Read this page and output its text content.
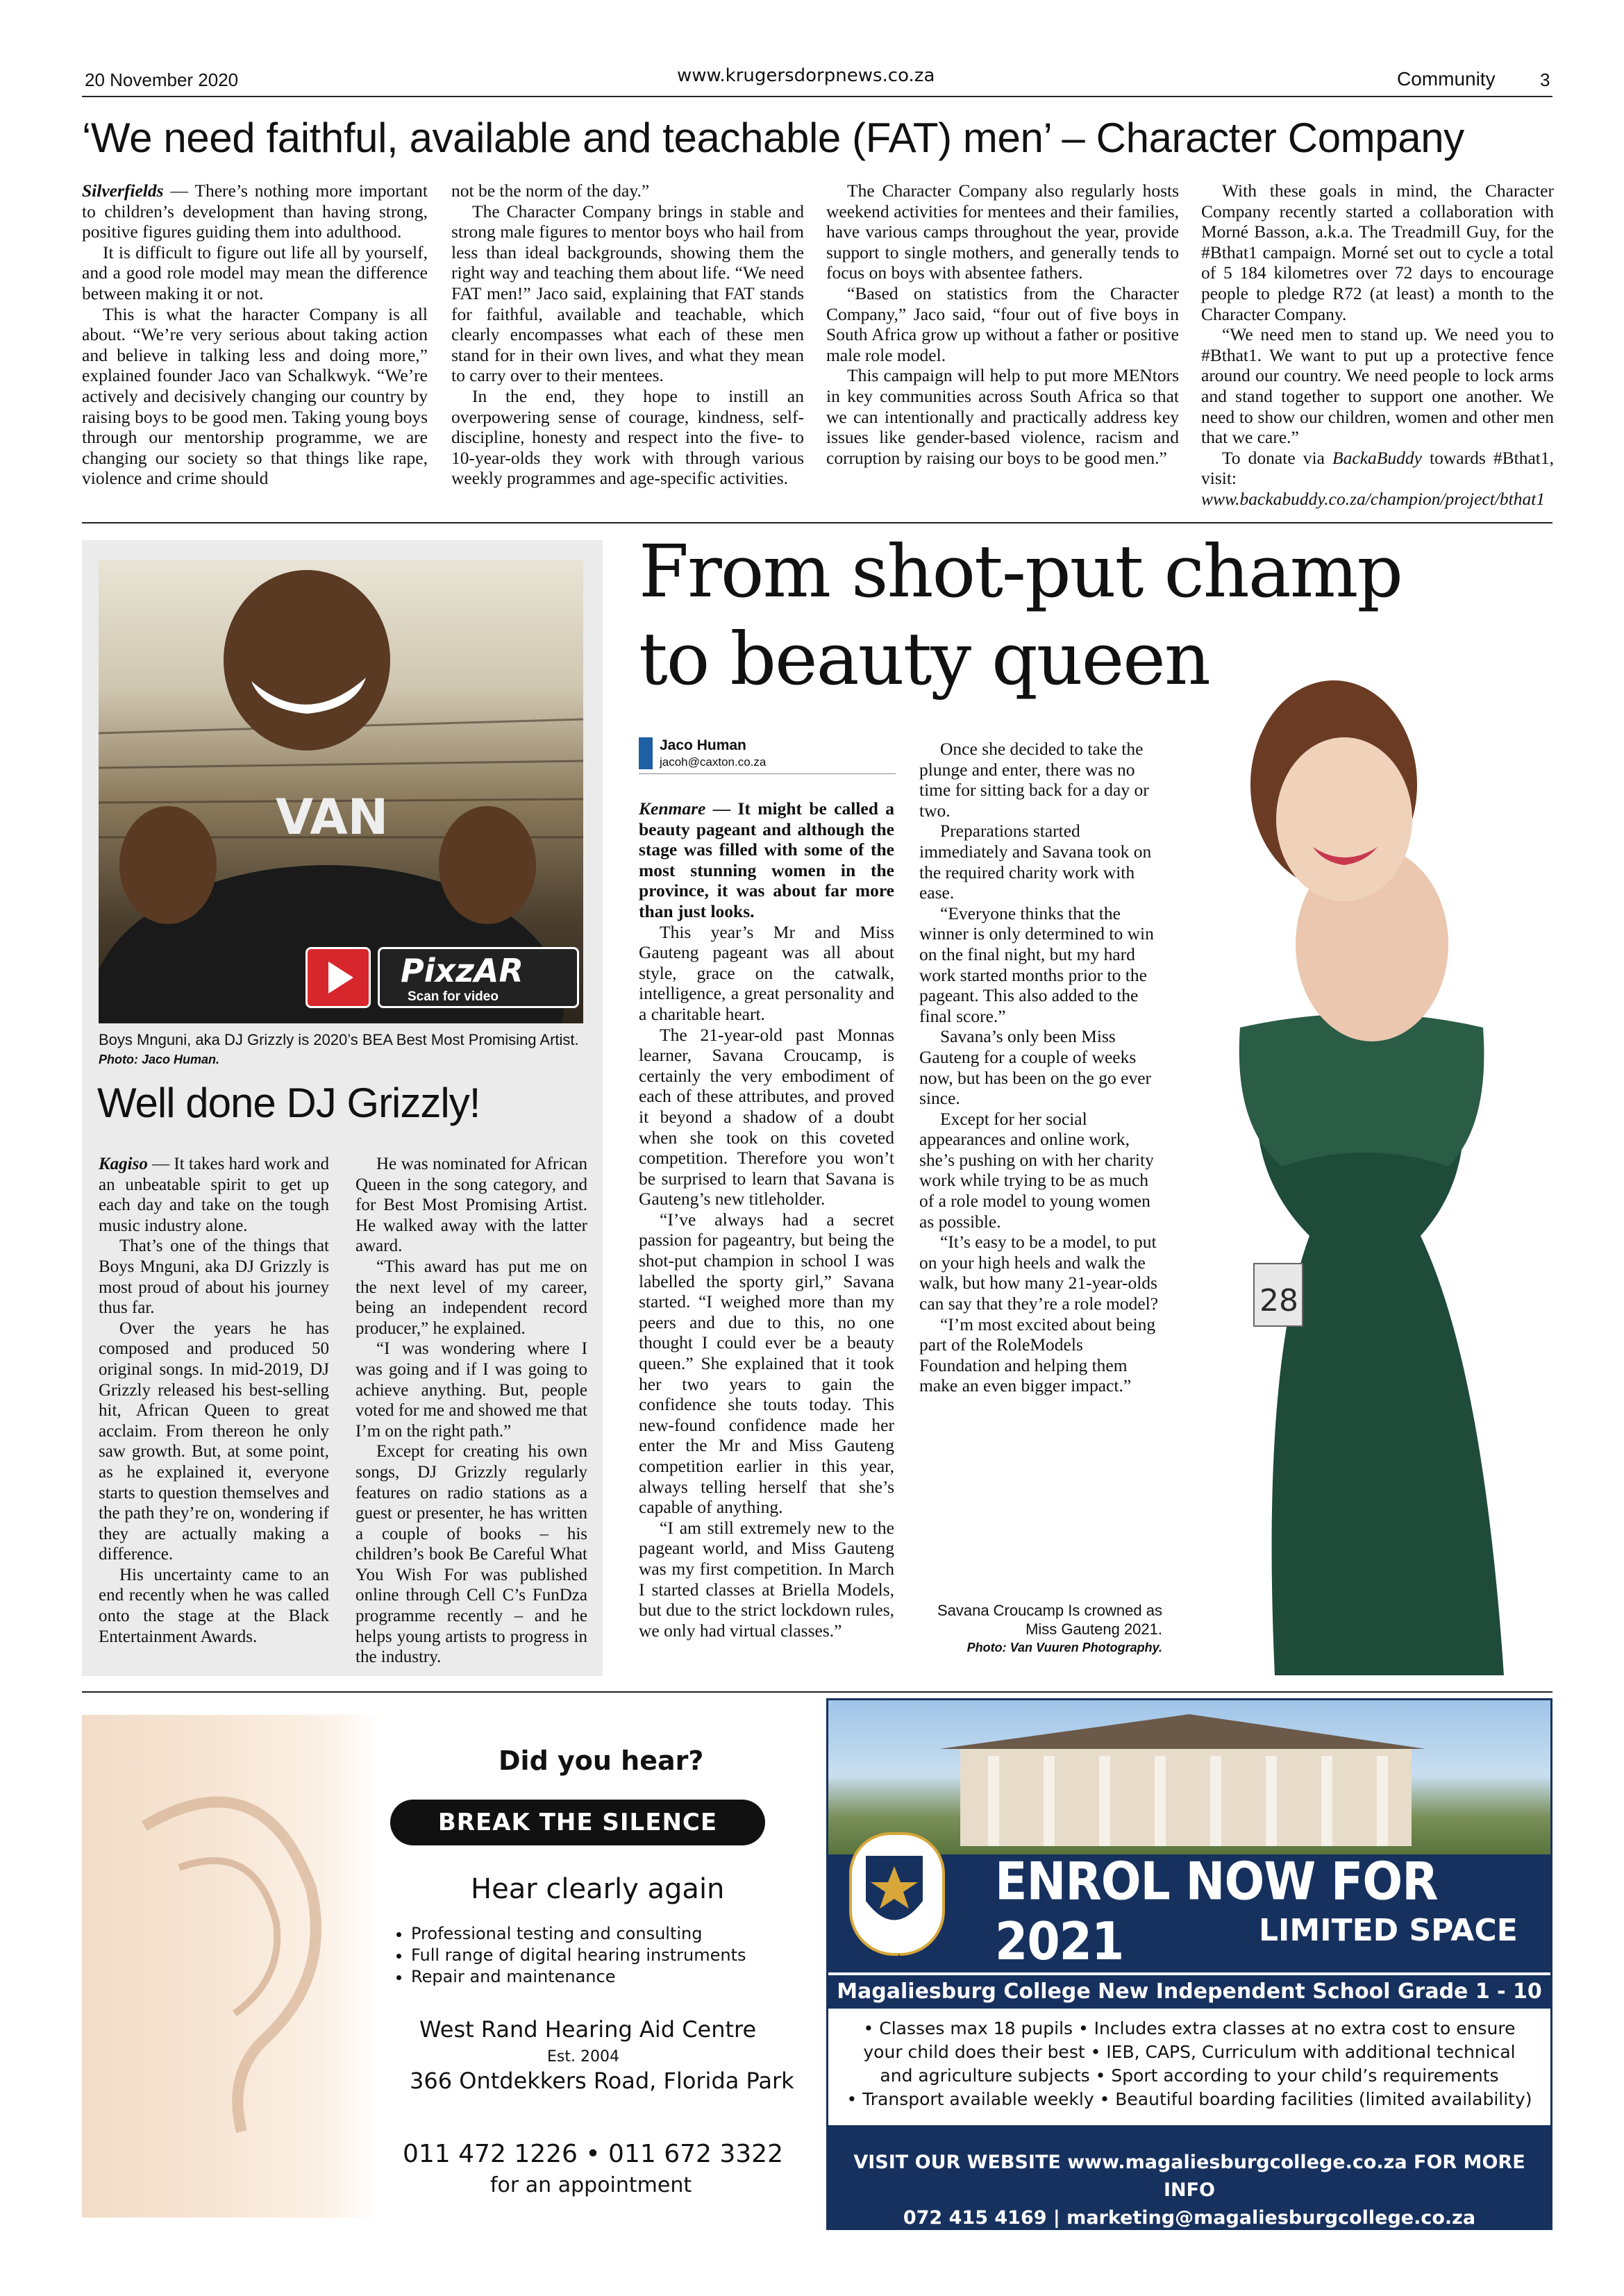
20 November 2020	www.krugersdorpnews.co.za	Community 3
‘We need faithful, available and teachable (FAT) men’ – Character Company

Silverfields — There’s nothing more important to children’s development than having strong, positive figures guiding them into adulthood.

It is difficult to figure out life all by yourself, and a good role model may mean the difference between making it or not.

This is what the haracter Company is all about. “We’re very serious about taking action and believe in talking less and doing more,” explained founder Jaco van Schalkwyk. “We’re actively and decisively changing our country by raising boys to be good men. Taking young boys through our mentorship programme, we are changing our society so that things like rape, violence and crime should

not be the norm of the day.”

The Character Company brings in stable and strong male figures to mentor boys who hail from less than ideal backgrounds, showing them the right way and teaching them about life. “We need FAT men!” Jaco said, explaining that FAT stands for faithful, available and teachable, which clearly encompasses what each of these men stand for in their own lives, and what they mean to carry over to their mentees.

In the end, they hope to instill an overpowering sense of courage, kindness, self-discipline, honesty and respect into the five- to 10-year-olds they work with through various weekly programmes and age-specific activities.

The Character Company also regularly hosts weekend activities for mentees and their families, have various camps throughout the year, provide support to single mothers, and generally tends to focus on boys with absentee fathers.

“Based on statistics from the Character Company,” Jaco said, “four out of five boys in South Africa grow up without a father or positive male role model.

This campaign will help to put more MENtors in key communities across South Africa so that we can intentionally and practically address key issues like gender-based violence, racism and corruption by raising our boys to be good men.”

With these goals in mind, the Character Company recently started a collaboration with Morné Basson, a.k.a. The Treadmill Guy, for the #Bthat1 campaign. Morné set out to cycle a total of 5 184 kilometres over 72 days to encourage people to pledge R72 (at least) a month to the Character Company.

“We need men to stand up. We need you to #Bthat1. We want to put up a protective fence around our country. We need people to lock arms and stand together to support one another. We need to show our children, women and other men that we care.”

To donate via BackaBuddy towards #Bthat1, visit: www.backabuddy.co.za/champion/project/bthat1

VAN
PixzAR
Scan for video
Boys Mnguni, aka DJ Grizzly is 2020’s BEA Best Most Promising Artist. Photo: Jaco Human.
Well done DJ Grizzly!

Kagiso — It takes hard work and an unbeatable spirit to get up each day and take on the tough music industry alone.

That’s one of the things that Boys Mnguni, aka DJ Grizzly is most proud of about his journey thus far.

Over the years he has composed and produced 50 original songs. In mid-2019, DJ Grizzly released his best-selling hit, African Queen to great acclaim. From thereon he only saw growth. But, at some point, as he explained it, everyone starts to question themselves and the path they’re on, wondering if they are actually making a difference.

His uncertainty came to an end recently when he was called onto the stage at the Black Entertainment Awards.

He was nominated for African Queen in the song category, and for Best Most Promising Artist. He walked away with the latter award.

“This award has put me on the next level of my career, being an independent record producer,” he explained.

“I was wondering where I was going and if I was going to achieve anything. But, people voted for me and showed me that I’m on the right path.”

Except for creating his own songs, DJ Grizzly regularly features on radio stations as a guest or presenter, he has written a couple of books – his children’s book Be Careful What You Wish For was published online through Cell C’s FunDza programme recently – and he helps young artists to progress in the industry.

From shot-put champ
to beauty queen
28
Jaco Human
jacoh@caxton.co.za

Kenmare — It might be called a beauty pageant and although the stage was filled with some of the most stunning women in the province, it was about far more than just looks.

This year’s Mr and Miss Gauteng pageant was all about style, grace on the catwalk, intelligence, a great personality and a charitable heart.

The 21-year-old past Monnas learner, Savana Croucamp, is certainly the very embodiment of each of these attributes, and proved it beyond a shadow of a doubt when she took on this coveted competition. Therefore you won’t be surprised to learn that Savana is Gauteng’s new titleholder.

“I’ve always had a secret passion for pageantry, but being the shot-put champion in school I was labelled the sporty girl,” Savana started. “I weighed more than my peers and due to this, no one thought I could ever be a beauty queen.” She explained that it took her two years to gain the confidence she touts today. This new-found confidence made her enter the Mr and Miss Gauteng competition earlier in this year, always telling herself that she’s capable of anything.

“I am still extremely new to the pageant world, and Miss Gauteng was my first competition. In March I started classes at Briella Models, but due to the strict lockdown rules, we only had virtual classes.”

Once she decided to take the plunge and enter, there was no time for sitting back for a day or two.

Preparations started immediately and Savana took on the required charity work with ease.

“Everyone thinks that the winner is only determined to win on the final night, but my hard work started months prior to the pageant. This also added to the final score.”

Savana’s only been Miss Gauteng for a couple of weeks now, but has been on the go ever since.

Except for her social appearances and online work, she’s pushing on with her charity work while trying to be as much of a role model to young women as possible.

“It’s easy to be a model, to put on your high heels and walk the walk, but how many 21-year-olds can say that they’re a role model?

“I’m most excited about being part of the RoleModels Foundation and helping them make an even bigger impact.”

Savana Croucamp Is crowned as
Miss Gauteng 2021.
Photo: Van Vuuren Photography.
Did you hear?
BREAK THE SILENCE
Hear clearly again
• Professional testing and consulting
• Full range of digital hearing instruments
• Repair and maintenance
West Rand Hearing Aid Centre
Est. 2004
366 Ontdekkers Road, Florida Park
011 472 1226 • 011 672 3322
for an appointment
ENROL NOW FOR 2021	LIMITED SPACE
Magaliesburg College
Magaliesburg College New Independent School Grade 1 - 10
• Classes max 18 pupils • Includes extra classes at no extra cost to ensure
your child does their best • IEB, CAPS, Curriculum with additional technical
and agriculture subjects • Sport according to your child’s requirements
• Transport available weekly • Beautiful boarding facilities (limited availability)
VISIT OUR WEBSITE www.magaliesburgcollege.co.za FOR MORE INFO
072 415 4169 | marketing@magaliesburgcollege.co.za
